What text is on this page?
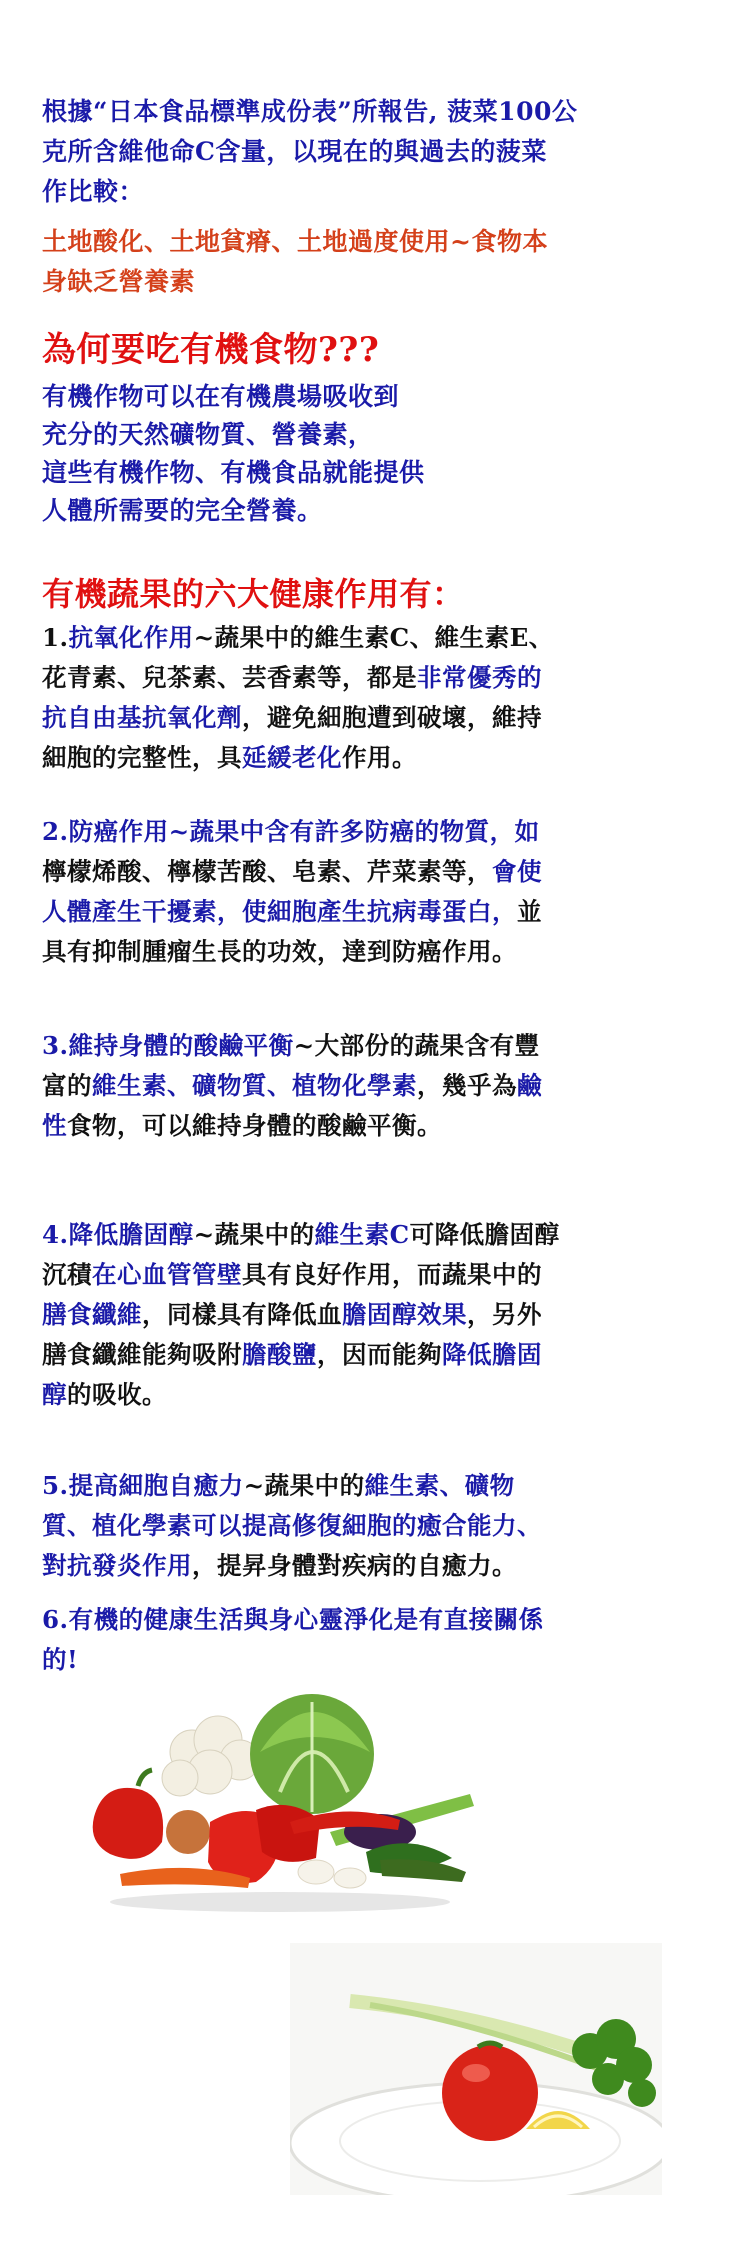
根據“日本食品標準成份表”所報告, 菠菜100公
克所含維他命C含量，以現在的與過去的菠菜
作比較：
土地酸化、土地貧瘠、土地過度使用~食物本
身缺乏營養素
為何要吃有機食物???
有機作物可以在有機農場吸收到
充分的天然礦物質、營養素，
這些有機作物、有機食品就能提供
人體所需要的完全營養。
有機蔬果的六大健康作用有：
1.抗氧化作用~蔬果中的維生素C、維生素E、
花青素、兒茶素、芸香素等，都是非常優秀的
抗自由基抗氧化劑，避免細胞遭到破壞，維持
細胞的完整性，具延緩老化作用。
2.防癌作用~蔬果中含有許多防癌的物質，如
檸檬烯酸、檸檬苦酸、皂素、芹菜素等，會使
人體產生干擾素，使細胞產生抗病毒蛋白，並
具有抑制腫瘤生長的功效，達到防癌作用。
3.維持身體的酸鹼平衡~大部份的蔬果含有豐
富的維生素、礦物質、植物化學素，幾乎為鹼
性食物，可以維持身體的酸鹼平衡。
4.降低膽固醇~蔬果中的維生素C可降低膽固醇
沉積在心血管管壁具有良好作用，而蔬果中的
膳食纖維，同樣具有降低血膽固醇效果，另外
膳食纖維能夠吸附膽酸鹽，因而能夠降低膽固
醇的吸收。
5.提高細胞自癒力~蔬果中的維生素、礦物
質、植化學素可以提高修復細胞的癒合能力、
對抗發炎作用，提昇身體對疾病的自癒力。
6.有機的健康生活與身心靈淨化是有直接關係
的!
